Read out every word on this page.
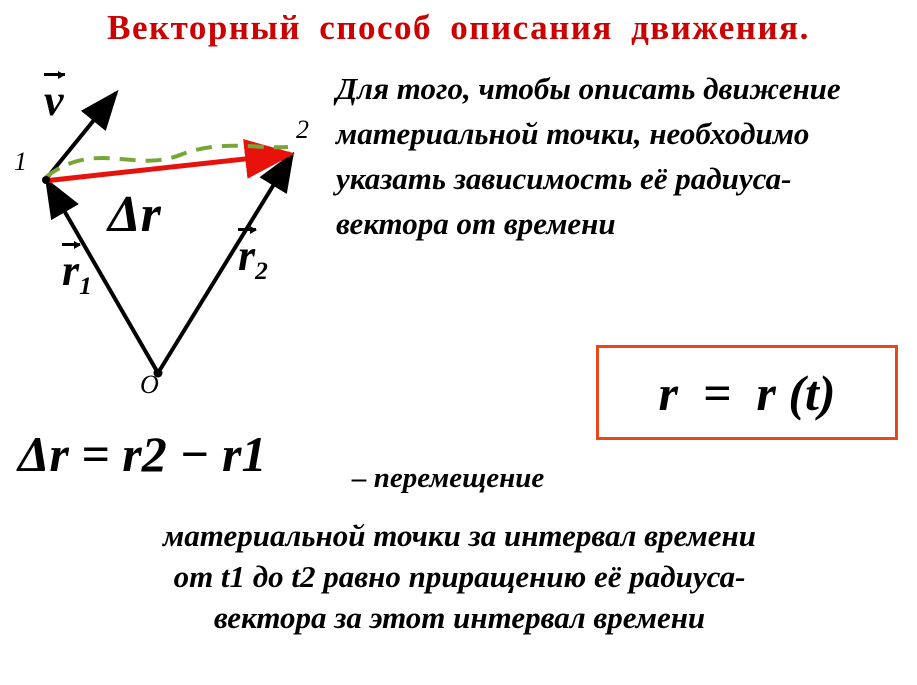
Векторный способ описания движения.
1
2
O
v
Δr
$r_1$
$r_2$

Для того, чтобы описать движение материальной точки, необходимо указать зависимость её радиуса-вектора от времени

r  =  r (t)
Δr = r2 − r1	– перемещение

материальной точки за интервал времени

от t1 до t2 равно приращению её радиуса-

вектора за этот интервал времени
